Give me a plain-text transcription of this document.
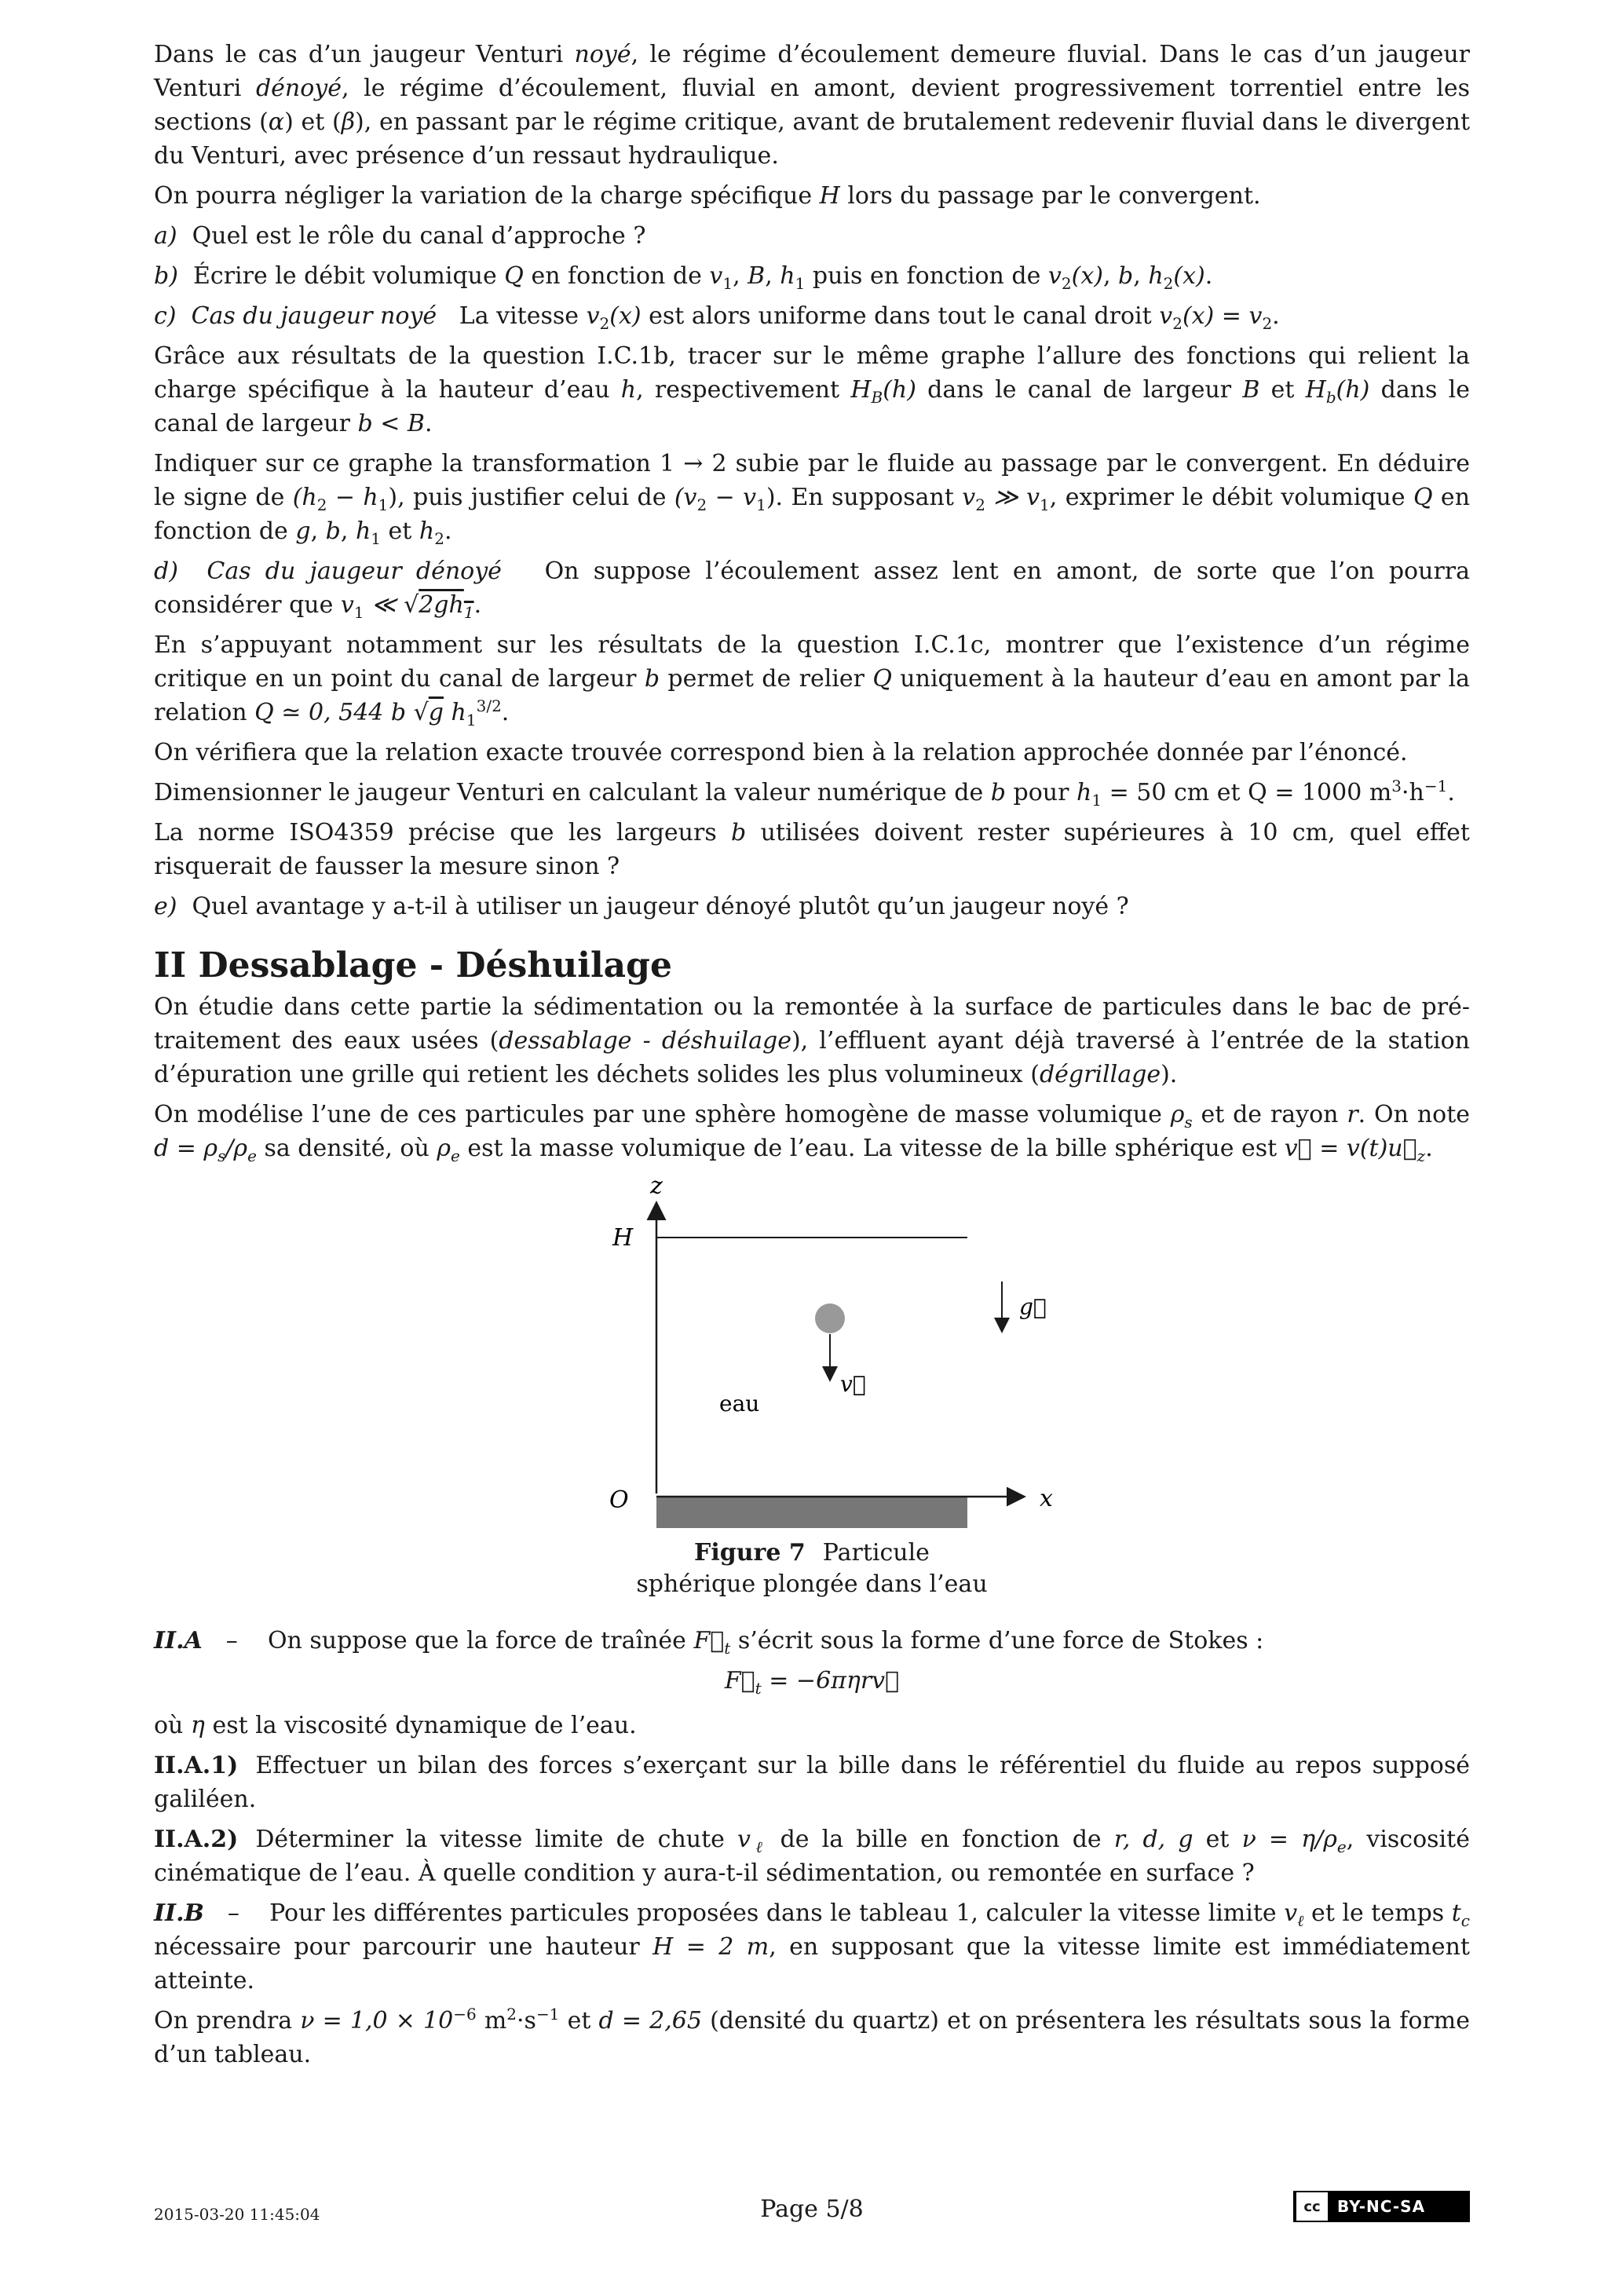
Dans le cas d’un jaugeur Venturi noyé, le régime d’écoulement demeure fluvial. Dans le cas d’un jaugeur Venturi dénoyé, le régime d’écoulement, fluvial en amont, devient progressivement torrentiel entre les sections (α) et (β), en passant par le régime critique, avant de brutalement redevenir fluvial dans le divergent du Venturi, avec présence d’un ressaut hydraulique.

On pourra négliger la variation de la charge spécifique H lors du passage par le convergent.

a) Quel est le rôle du canal d’approche ?

b) Écrire le débit volumique Q en fonction de $v_1$, B, $h_1$ puis en fonction de $v_2(x)$, b, $h_2(x)$.

c) Cas du jaugeur noyé La vitesse $v_2(x)$ est alors uniforme dans tout le canal droit $v_2(x) = v_2$.

Grâce aux résultats de la question I.C.1b, tracer sur le même graphe l’allure des fonctions qui relient la charge spécifique à la hauteur d’eau h, respectivement $H_B(h)$ dans le canal de largeur B et $H_b(h)$ dans le canal de largeur b < B.

Indiquer sur ce graphe la transformation 1 → 2 subie par le fluide au passage par le convergent. En déduire le signe de $(h_2 - h_1)$, puis justifier celui de $(v_2 - v_1)$. En supposant $v_2$ ≫ $v_1$, exprimer le débit volumique Q en fonction de g, b, $h_1$ et $h_2$.

d) Cas du jaugeur dénoyé On suppose l’écoulement assez lent en amont, de sorte que l’on pourra considérer que $v_1$ ≪ $√2gh_1$.

En s’appuyant notamment sur les résultats de la question I.C.1c, montrer que l’existence d’un régime critique en un point du canal de largeur b permet de relier Q uniquement à la hauteur d’eau en amont par la relation Q ≃ 0, 544 b √g $h_1^{3/2}$.

On vérifiera que la relation exacte trouvée correspond bien à la relation approchée donnée par l’énoncé.

Dimensionner le jaugeur Venturi en calculant la valeur numérique de b pour $h_1 = 50$ cm et Q = 1000 $m^3\cdot h^{-1}$.

La norme ISO4359 précise que les largeurs b utilisées doivent rester supérieures à 10 cm, quel effet risquerait de fausser la mesure sinon ?

e) Quel avantage y a-t-il à utiliser un jaugeur dénoyé plutôt qu’un jaugeur noyé ?

II Dessablage - Déshuilage

On étudie dans cette partie la sédimentation ou la remontée à la surface de particules dans le bac de pré-traitement des eaux usées (dessablage - déshuilage), l’effluent ayant déjà traversé à l’entrée de la station d’épuration une grille qui retient les déchets solides les plus volumineux (dégrillage).

On modélise l’une de ces particules par une sphère homogène de masse volumique $\rho_s$ et de rayon r. On note $d = \rho_s/\rho_e$ sa densité, où $\rho_e$ est la masse volumique de l’eau. La vitesse de la bille sphérique est v⃗ = $v(t)u⃗_z$.

z
H
v⃗
g⃗
eau
O	x
Figure 7 Particule
sphérique plongée dans l’eau

II.A – On suppose que la force de traînée $F⃗_t$ s’écrit sous la forme d’une force de Stokes :

$F⃗_t$ = −6πηrv⃗

où η est la viscosité dynamique de l’eau.

II.A.1) Effectuer un bilan des forces s’exerçant sur la bille dans le référentiel du fluide au repos supposé galiléen.

II.A.2) Déterminer la vitesse limite de chute $v_\ell$ de la bille en fonction de r, d, g et $\nu = \eta/\rho_e$, viscosité cinématique de l’eau. À quelle condition y aura-t-il sédimentation, ou remontée en surface ?

II.B – Pour les différentes particules proposées dans le tableau 1, calculer la vitesse limite $v_\ell$ et le temps $t_c$ nécessaire pour parcourir une hauteur H = 2 m, en supposant que la vitesse limite est immédiatement atteinte.

On prendra $\nu = 1,0 \times 10^{-6}$ $m^2\cdot s^{-1}$ et d = 2,65 (densité du quartz) et on présentera les résultats sous la forme d’un tableau.

2015-03-20 11:45:04	Page 5/8	cc	BY-NC-SA
